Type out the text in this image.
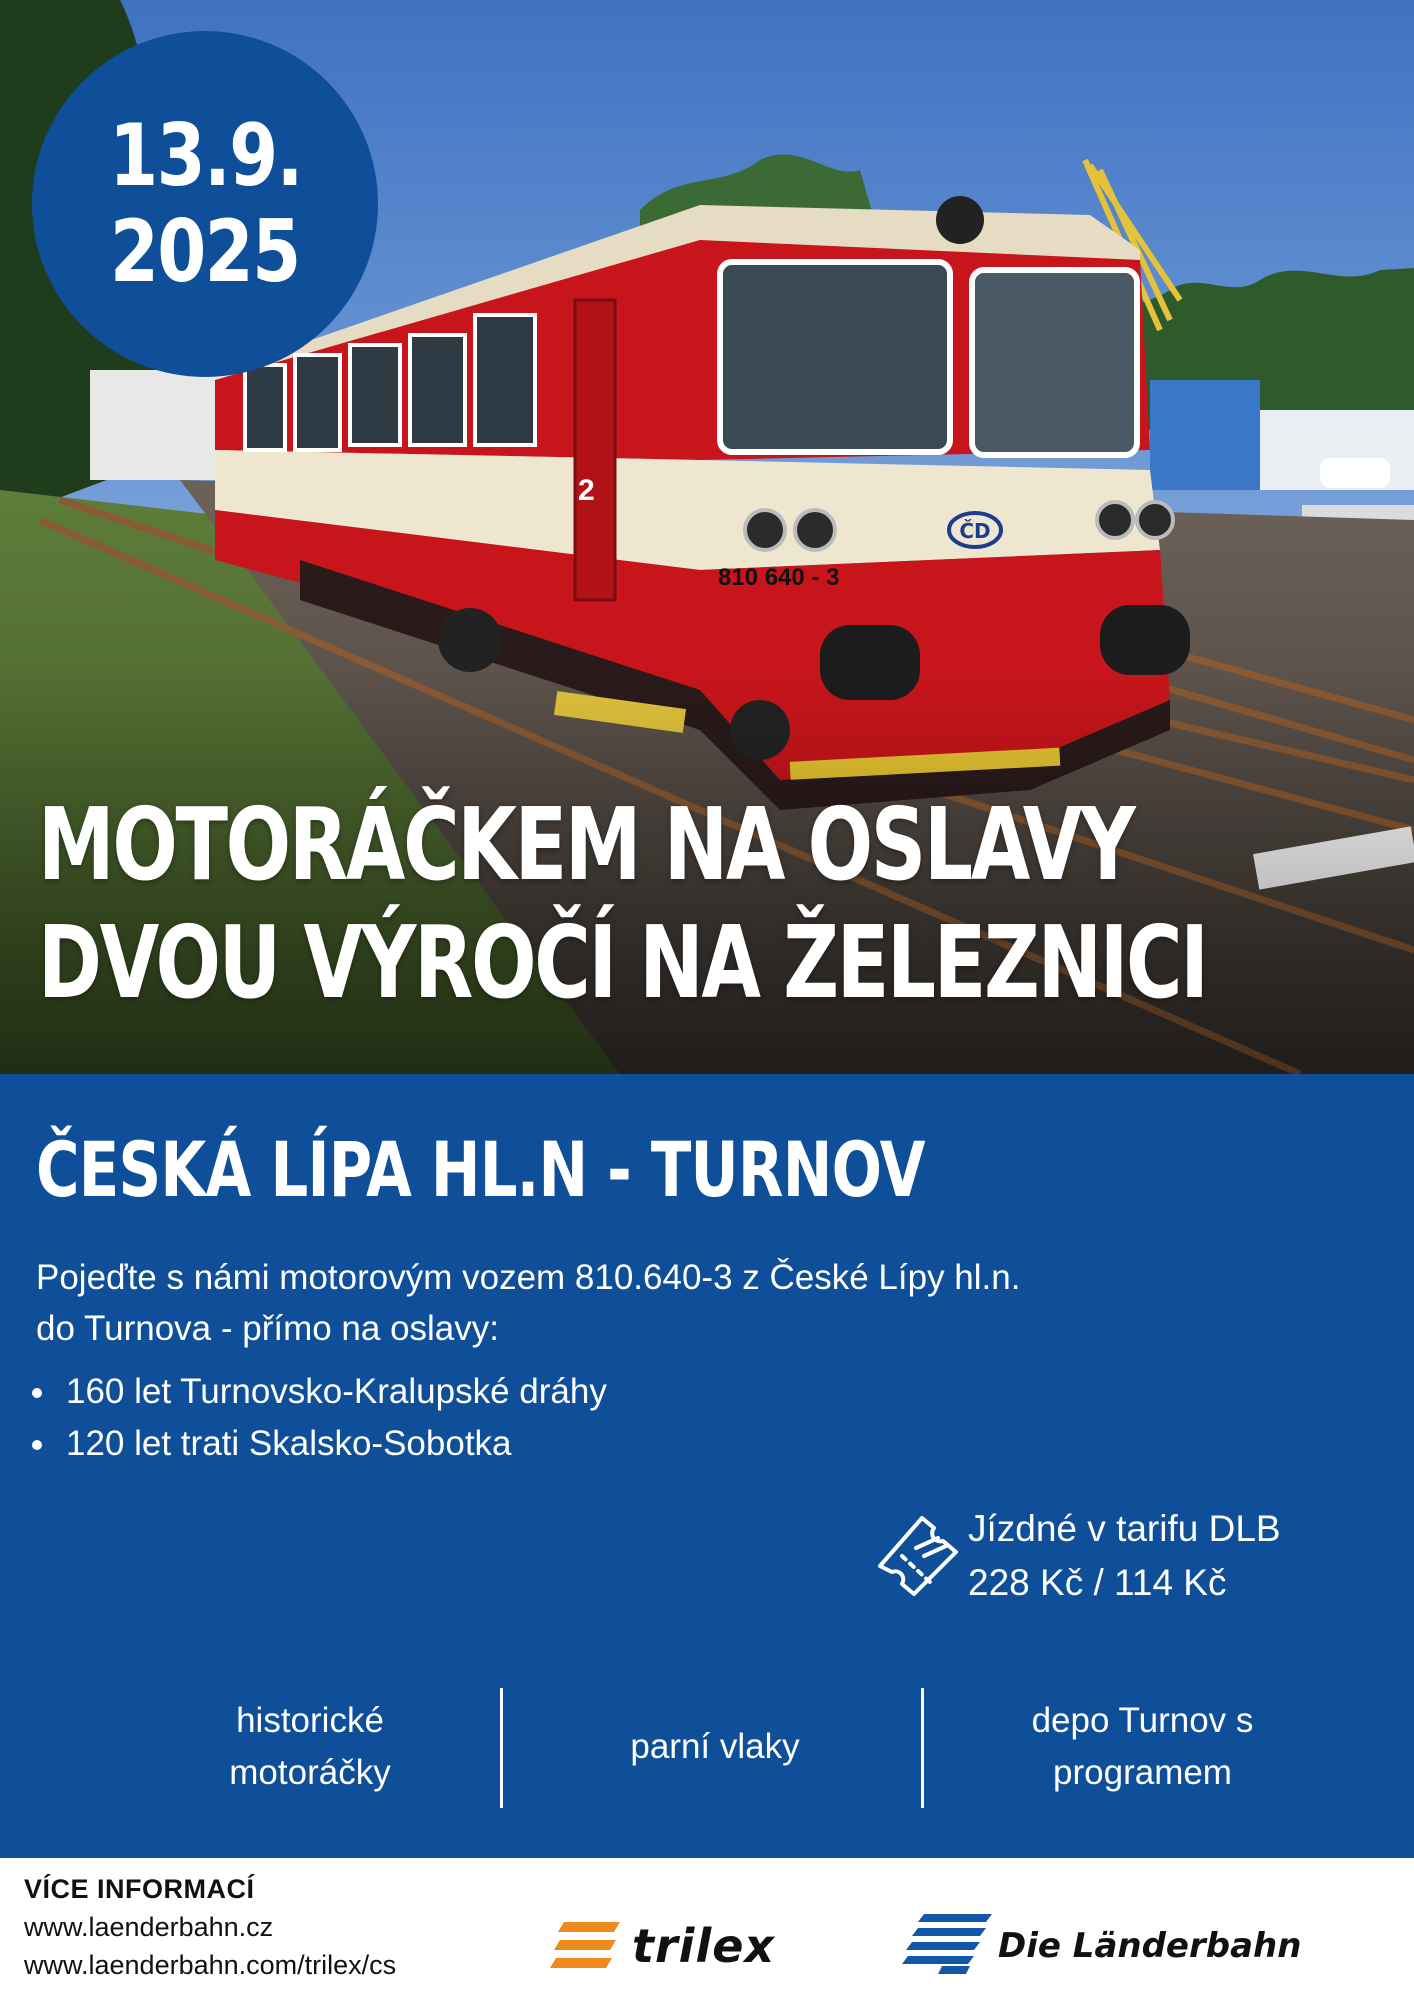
13.9.
2025
MOTORÁČKEM NA OSLAVY
DVOU VÝROČÍ NA ŽELEZNICI
ČESKÁ LÍPA HL.N - TURNOV
Pojeďte s námi motorovým vozem 810.640-3 z České Lípy hl.n.
do Turnova - přímo na oslavy:
160 let Turnovsko-Kralupské dráhy
120 let trati Skalsko-Sobotka
Jízdné v tarifu DLB
228 Kč / 114 Kč
historické
motoráčky
parní vlaky
depo Turnov s
programem
VÍCE INFORMACÍ
www.laenderbahn.cz
www.laenderbahn.com/trilex/cs	trilex	Die Länderbahn
